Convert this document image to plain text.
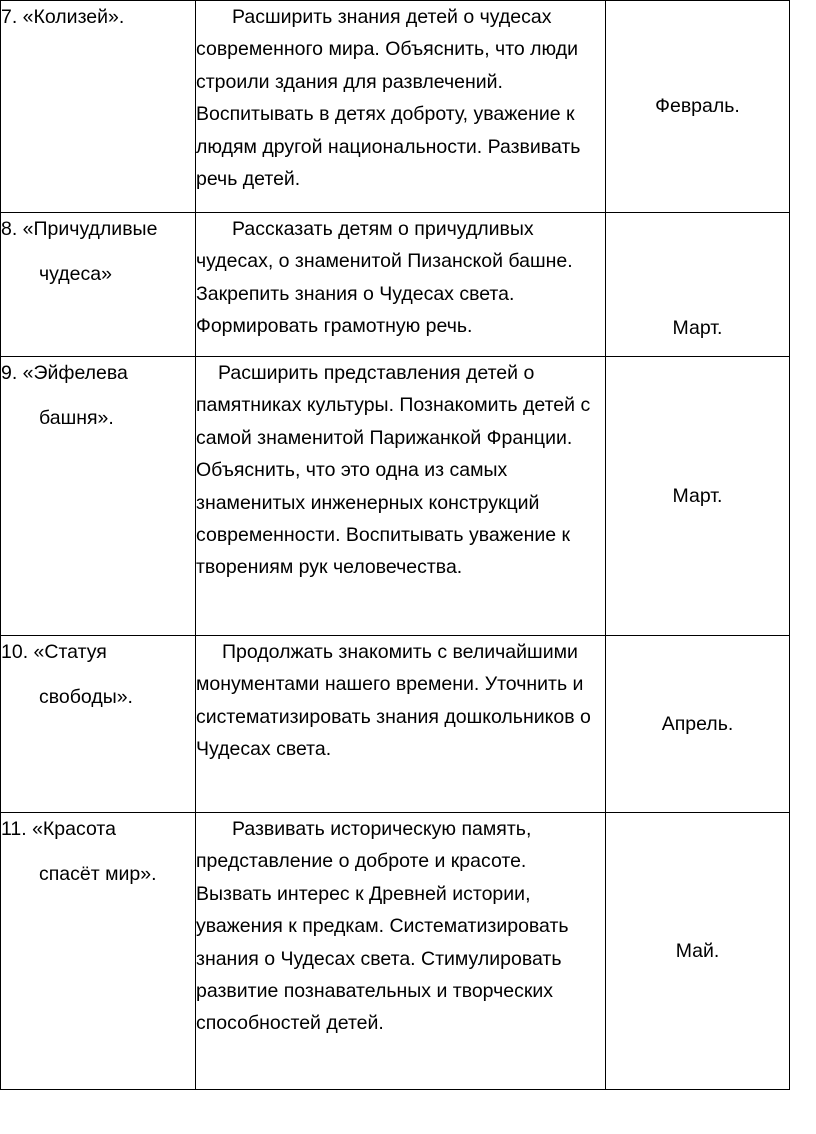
7. «Колизей».	Расширить знания детей о чудесах современного мира. Объяснить, что люди строили здания для развлечений. Воспитывать в детях доброту, уважение к людям другой национальности. Развивать речь детей.	Февраль.

8. «Причудливые
чудеса»	Рассказать детям о причудливых чудесах, о знаменитой Пизанской башне. Закрепить знания о Чудесах света. Формировать грамотную речь.	Март.

9. «Эйфелева
башня».	Расширить представления детей о памятниках культуры. Познакомить детей с самой знаменитой Парижанкой Франции. Объяснить, что это одна из самых знаменитых инженерных конструкций современности. Воспитывать уважение к творениям рук человечества.	Март.

10. «Статуя
свободы».	Продолжать знакомить с величайшими монументами нашего времени. Уточнить и систематизировать знания дошкольников о Чудесах света.	Апрель.

11. «Красота
спасёт мир».	Развивать историческую память, представление о доброте и красоте. Вызвать интерес к Древней истории, уважения к предкам. Систематизировать знания о Чудесах света. Стимулировать развитие познавательных и творческих способностей детей.	Май.
